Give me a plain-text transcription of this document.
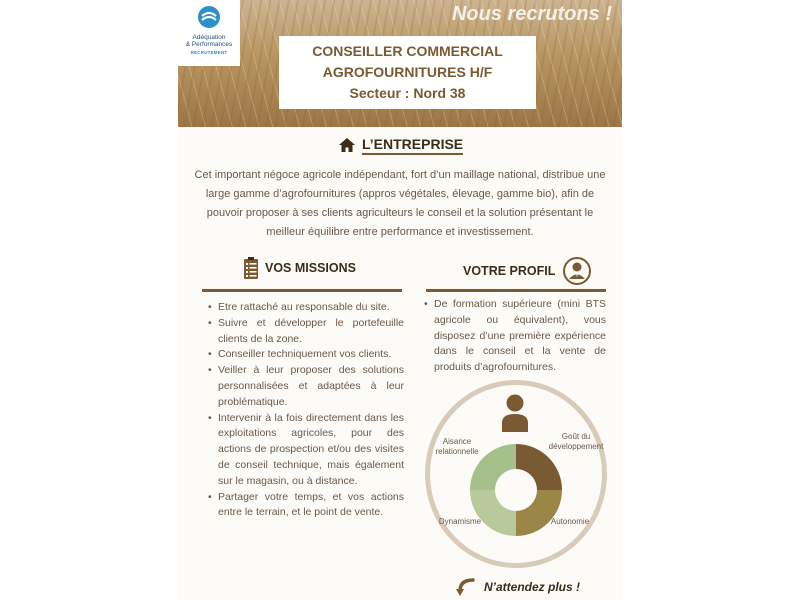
Adéquation
& Performances
RECRUTEMENT
Nous recrutons !
CONSEILLER COMMERCIAL
AGROFOURNITURES H/F
Secteur : Nord 38
L’ENTREPRISE

Cet important négoce agricole indépendant, fort d’un maillage national, distribue une large gamme d’agrofournitures (appros végétales, élevage, gamme bio), afin de pouvoir proposer à ses clients agriculteurs le conseil et la solution présentant le meilleur équilibre entre performance et investissement.

VOS MISSIONS
• Etre rattaché au responsable du site.
• Suivre et développer le portefeuille clients de la zone.
• Conseiller techniquement vos clients.
• Veiller à leur proposer des solutions personnalisées et adaptées à leur problématique.
• Intervenir à la fois directement dans les exploitations agricoles, pour des actions de prospection et/ou des visites de conseil technique, mais également sur le magasin, ou à distance.
• Partager votre temps, et vos actions entre le terrain, et le point de vente.
VOTRE PROFIL
• De formation supérieure (mini BTS agricole ou équivalent), vous disposez d’une première expérience dans le conseil et la vente de produits d’agrofournitures.
Aisance relationnelle
Goût du développement
Dynamisme	Autonomie
N’attendez plus !
